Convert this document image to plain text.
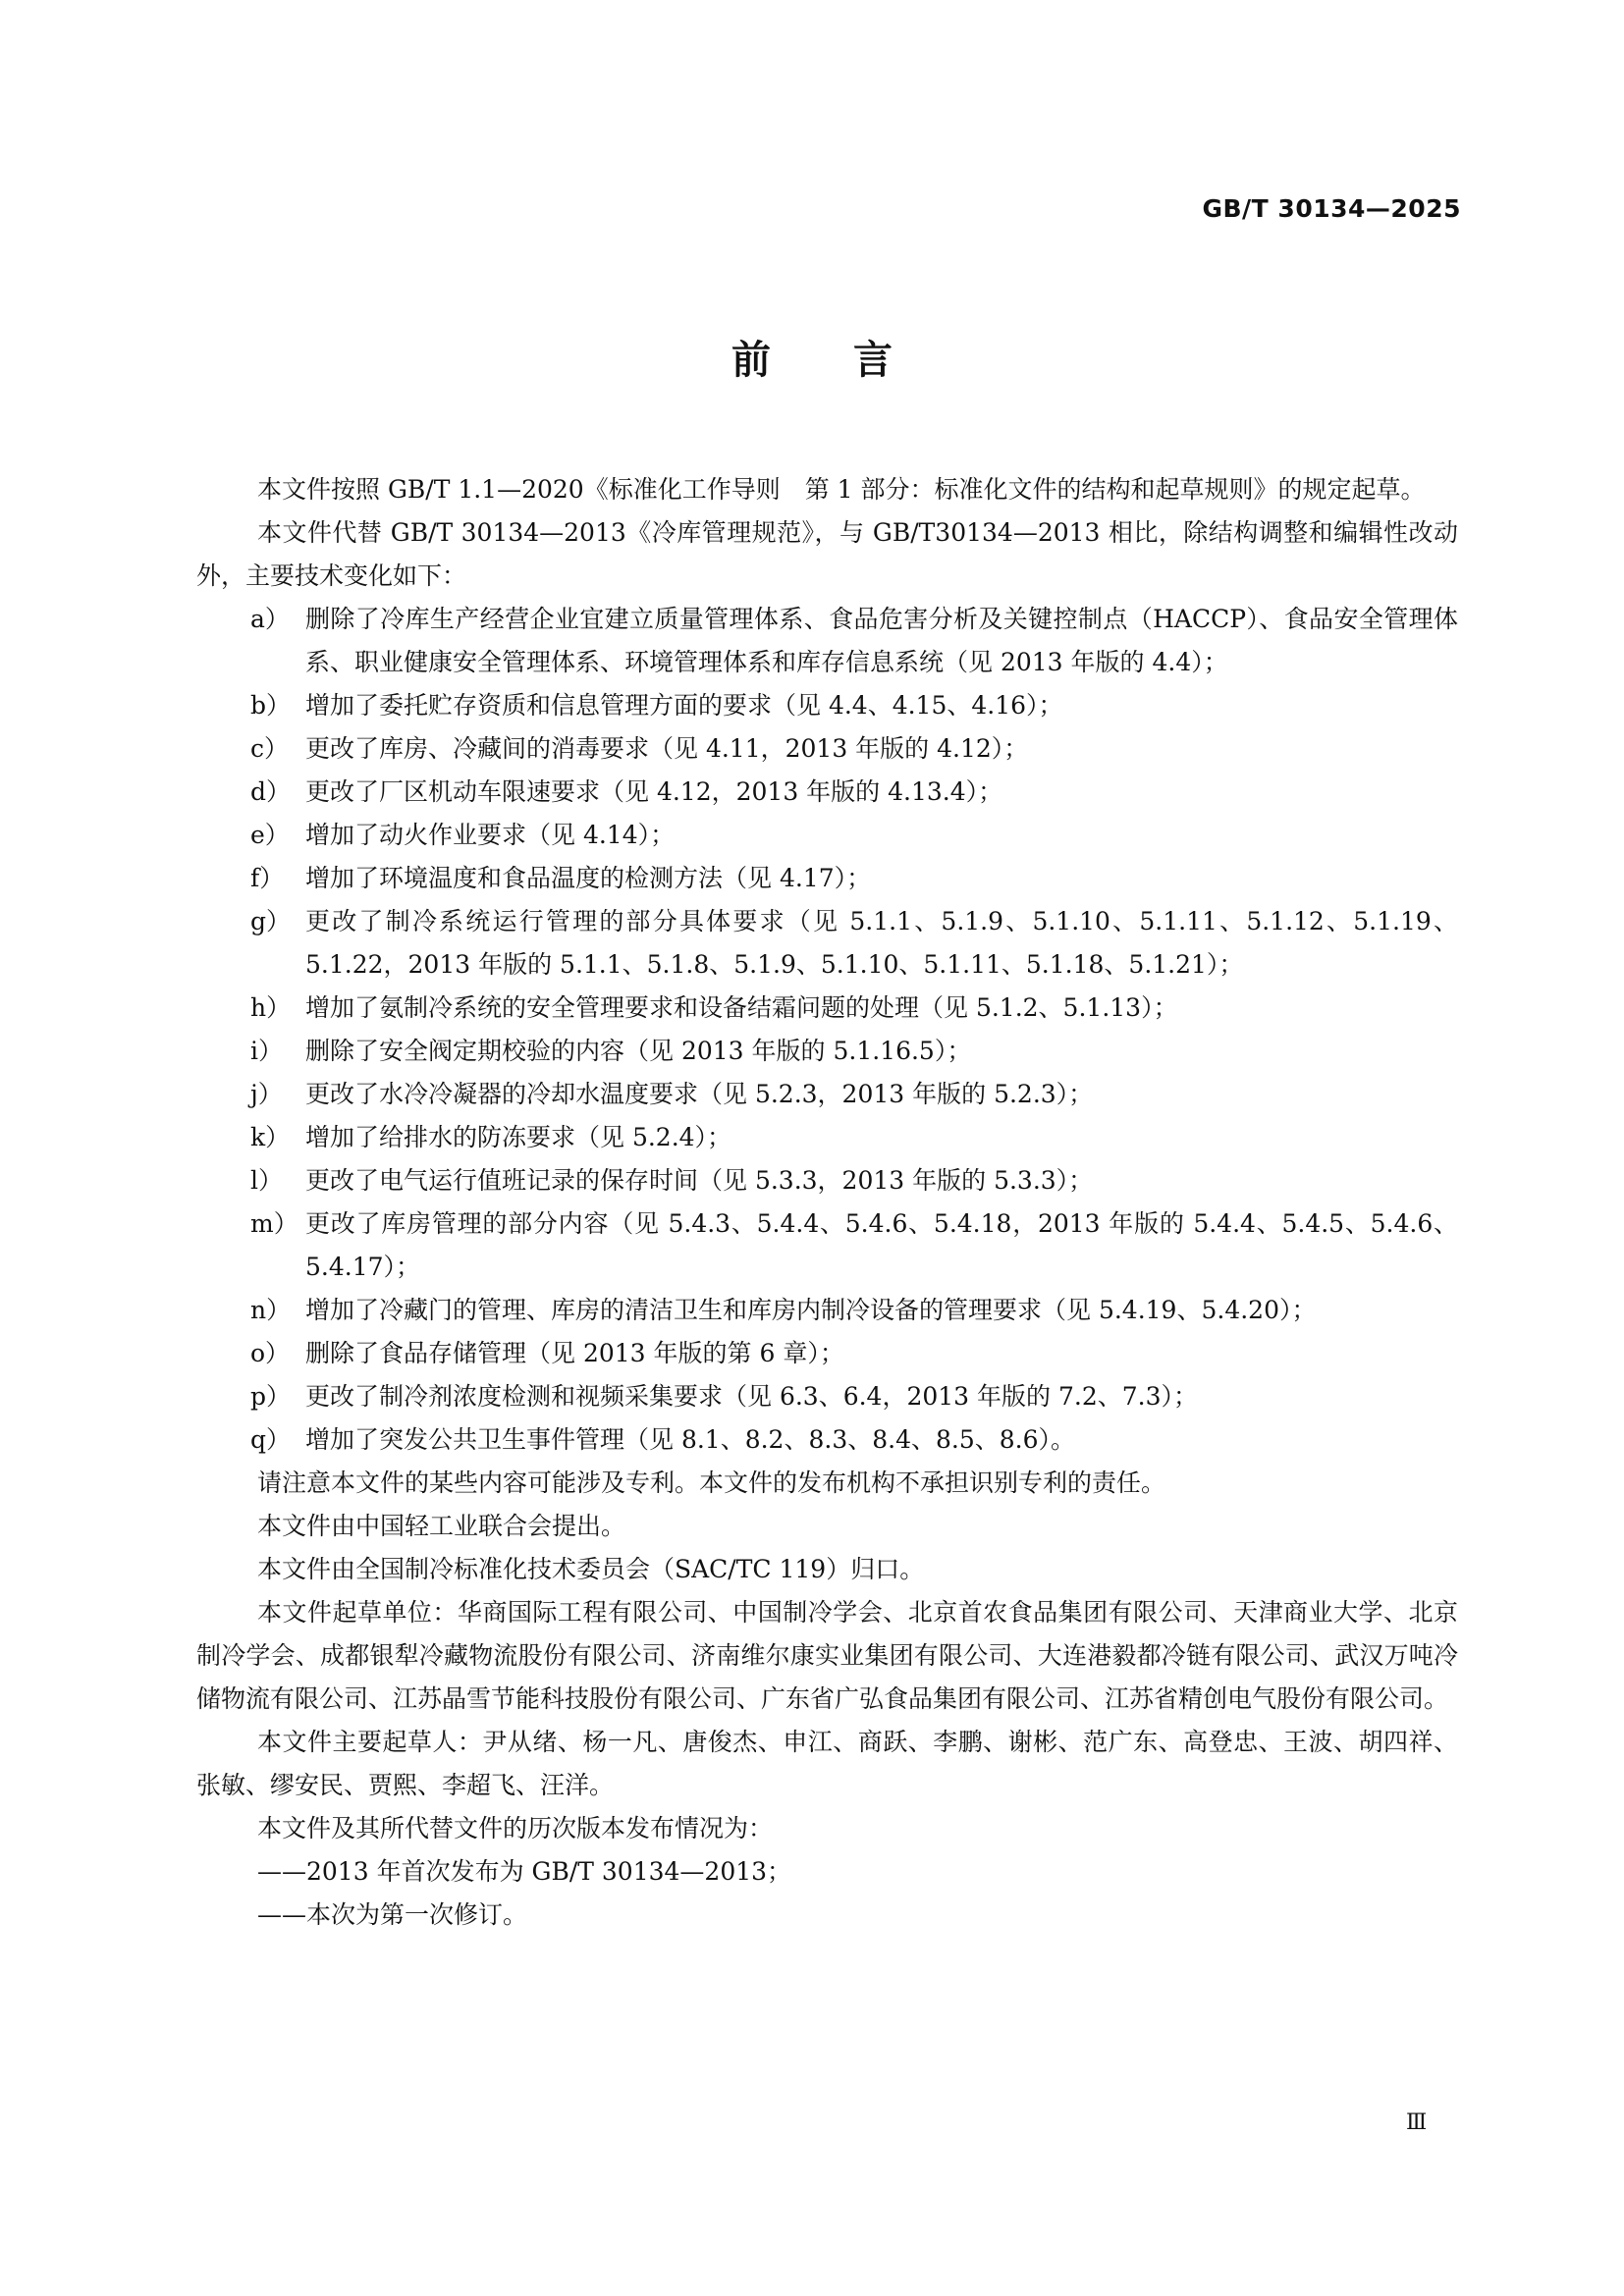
GB/T 30134—2025
前言

本文件按照 GB/T 1.1—2020《标准化工作导则　第 1 部分：标准化文件的结构和起草规则》的规定起草。

本文件代替 GB/T 30134—2013《冷库管理规范》，与 GB/T30134—2013 相比，除结构调整和编辑性改动外，主要技术变化如下：

a） 删除了冷库生产经营企业宜建立质量管理体系、食品危害分析及关键控制点（HACCP）、食品安全管理体系、职业健康安全管理体系、环境管理体系和库存信息系统（见 2013 年版的 4.4）；
b） 增加了委托贮存资质和信息管理方面的要求（见 4.4、4.15、4.16）；
c） 更改了库房、冷藏间的消毒要求（见 4.11，2013 年版的 4.12）；
d） 更改了厂区机动车限速要求（见 4.12，2013 年版的 4.13.4）；
e） 增加了动火作业要求（见 4.14）；
f） 增加了环境温度和食品温度的检测方法（见 4.17）；
g） 更改了制冷系统运行管理的部分具体要求（见 5.1.1、5.1.9、5.1.10、5.1.11、5.1.12、5.1.19、5.1.22，2013 年版的 5.1.1、5.1.8、5.1.9、5.1.10、5.1.11、5.1.18、5.1.21）；
h） 增加了氨制冷系统的安全管理要求和设备结霜问题的处理（见 5.1.2、5.1.13）；
i） 删除了安全阀定期校验的内容（见 2013 年版的 5.1.16.5）；
j） 更改了水冷冷凝器的冷却水温度要求（见 5.2.3，2013 年版的 5.2.3）；
k） 增加了给排水的防冻要求（见 5.2.4）；
l） 更改了电气运行值班记录的保存时间（见 5.3.3，2013 年版的 5.3.3）；
m） 更改了库房管理的部分内容（见 5.4.3、5.4.4、5.4.6、5.4.18，2013 年版的 5.4.4、5.4.5、5.4.6、5.4.17）；
n） 增加了冷藏门的管理、库房的清洁卫生和库房内制冷设备的管理要求（见 5.4.19、5.4.20）；
o） 删除了食品存储管理（见 2013 年版的第 6 章）；
p） 更改了制冷剂浓度检测和视频采集要求（见 6.3、6.4，2013 年版的 7.2、7.3）；
q） 增加了突发公共卫生事件管理（见 8.1、8.2、8.3、8.4、8.5、8.6）。

请注意本文件的某些内容可能涉及专利。本文件的发布机构不承担识别专利的责任。

本文件由中国轻工业联合会提出。

本文件由全国制冷标准化技术委员会（SAC/TC 119）归口。

本文件起草单位：华商国际工程有限公司、中国制冷学会、北京首农食品集团有限公司、天津商业大学、北京制冷学会、成都银犁冷藏物流股份有限公司、济南维尔康实业集团有限公司、大连港毅都冷链有限公司、武汉万吨冷储物流有限公司、江苏晶雪节能科技股份有限公司、广东省广弘食品集团有限公司、江苏省精创电气股份有限公司。

本文件主要起草人：尹从绪、杨一凡、唐俊杰、申江、商跃、李鹏、谢彬、范广东、高登忠、王波、胡四祥、张敏、缪安民、贾熙、李超飞、汪洋。

本文件及其所代替文件的历次版本发布情况为：

——2013 年首次发布为 GB/T 30134—2013；

——本次为第一次修订。

Ⅲ
